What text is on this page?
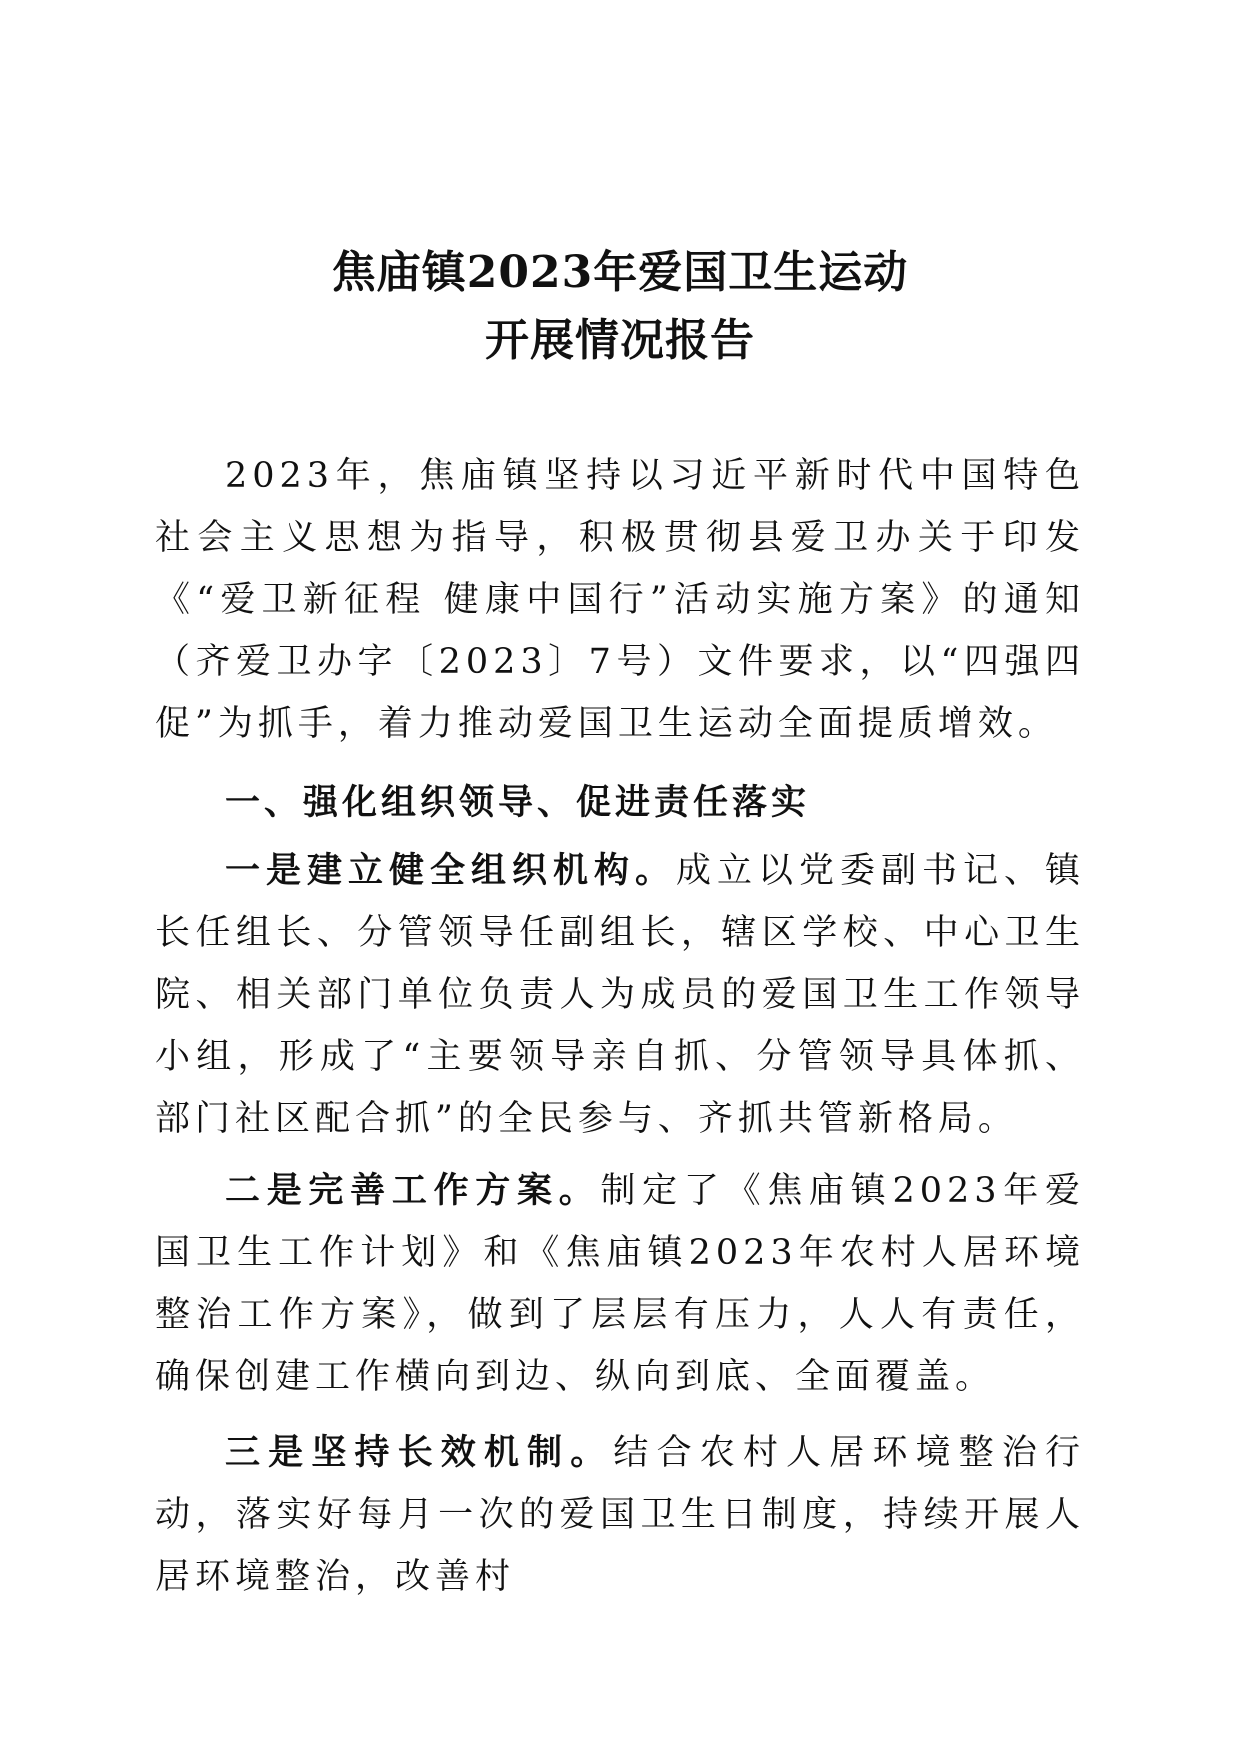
焦庙镇2023年爱国卫生运动
开展情况报告

2023年，焦庙镇坚持以习近平新时代中国特色社会主义思想为指导，积极贯彻县爱卫办关于印发《“爱卫新征程 健康中国行”活动实施方案》的通知（齐爱卫办字〔2023〕7号）文件要求，以“四强四促”为抓手，着力推动爱国卫生运动全面提质增效。

一、强化组织领导、促进责任落实

一是建立健全组织机构。成立以党委副书记、镇长任组长、分管领导任副组长，辖区学校、中心卫生院、相关部门单位负责人为成员的爱国卫生工作领导小组，形成了“主要领导亲自抓、分管领导具体抓、部门社区配合抓”的全民参与、齐抓共管新格局。

二是完善工作方案。制定了《焦庙镇2023年爱国卫生工作计划》和《焦庙镇2023年农村人居环境整治工作方案》，做到了层层有压力，人人有责任，确保创建工作横向到边、纵向到底、全面覆盖。

三是坚持长效机制。结合农村人居环境整治行动，落实好每月一次的爱国卫生日制度，持续开展人居环境整治，改善村
